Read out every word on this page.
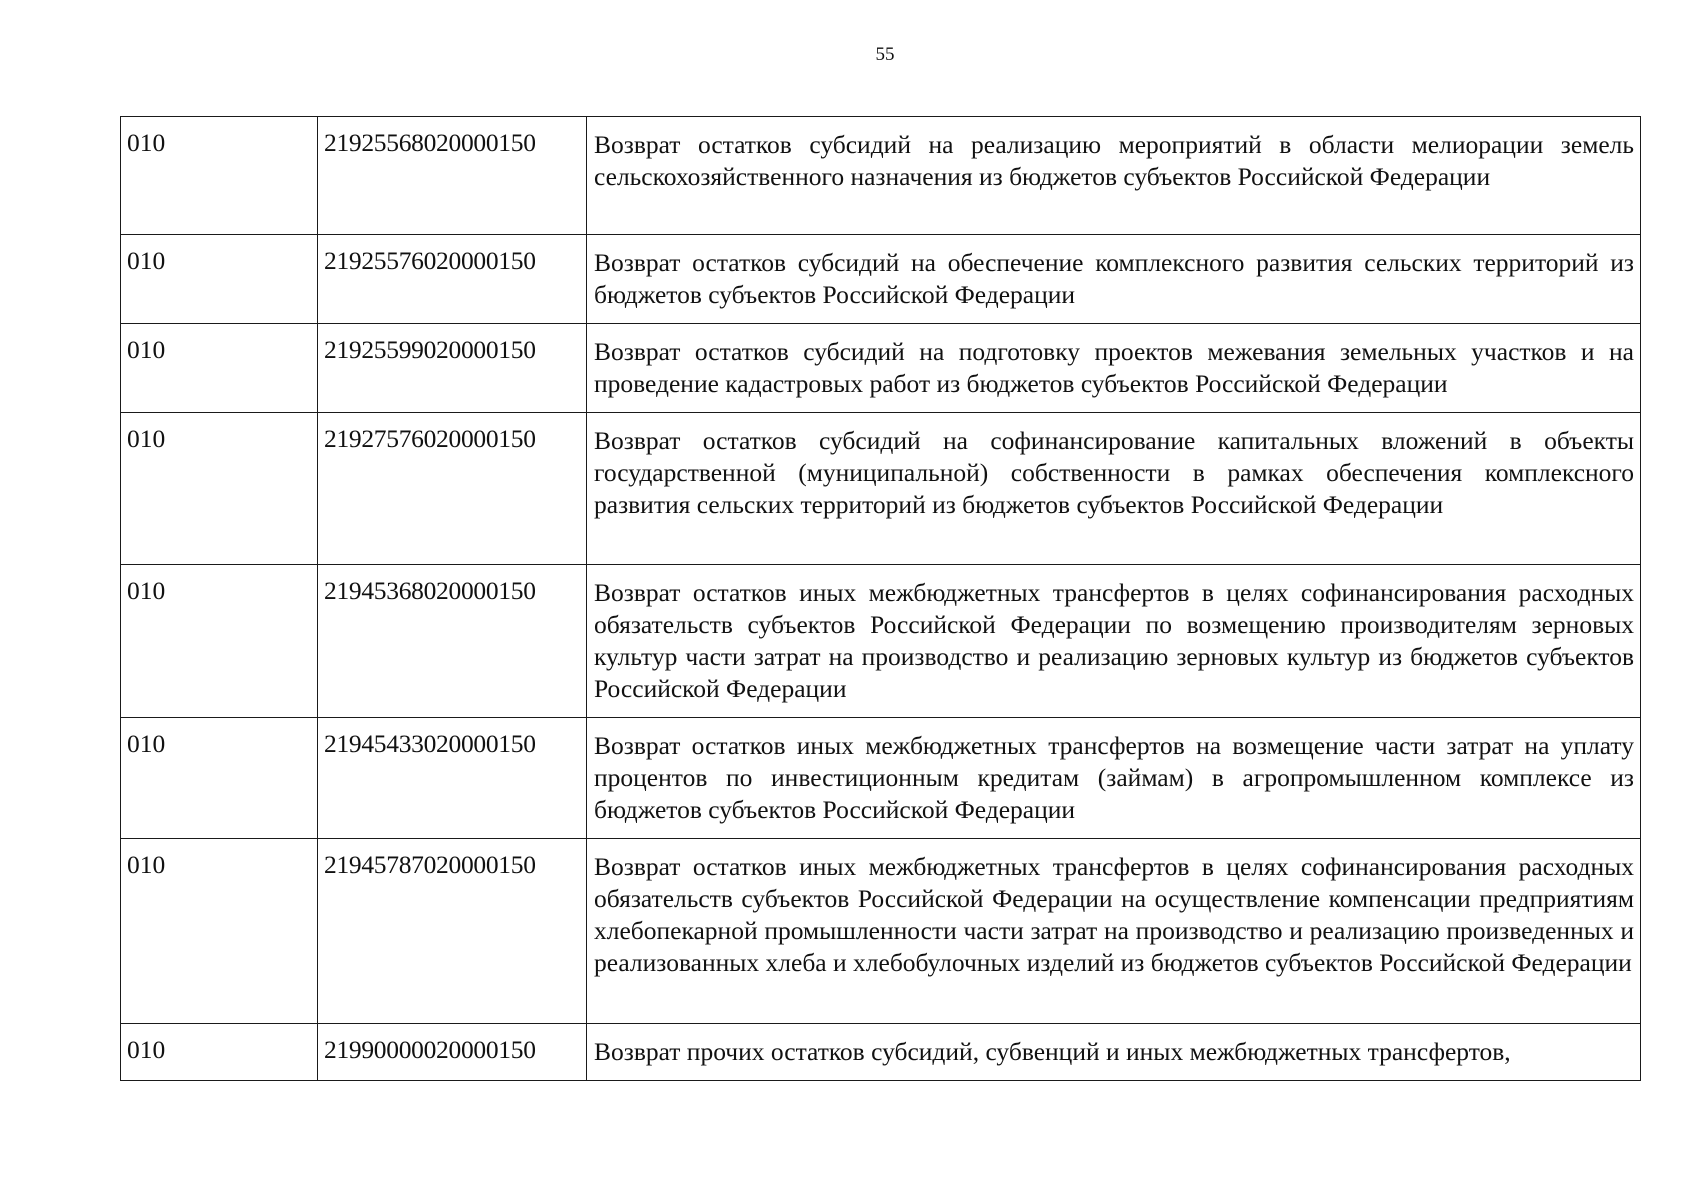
55
010	21925568020000150	Возврат остатков субсидий на реализацию мероприятий в области мелиорации земель сельскохозяйственного назначения из бюджетов субъектов Российской Федерации
010	21925576020000150	Возврат остатков субсидий на обеспечение комплексного развития сельских территорий из бюджетов субъектов Российской Федерации
010	21925599020000150	Возврат остатков субсидий на подготовку проектов межевания земельных участков и на проведение кадастровых работ из бюджетов субъектов Российской Федерации
010	21927576020000150	Возврат остатков субсидий на софинансирование капитальных вложений в объекты государственной (муниципальной) собственности в рамках обеспечения комплексного развития сельских территорий из бюджетов субъектов Российской Федерации
010	21945368020000150	Возврат остатков иных межбюджетных трансфертов в целях софинансирования расходных обязательств субъектов Российской Федерации по возмещению производителям зерновых культур части затрат на производство и реализацию зерновых культур из бюджетов субъектов Российской Федерации
010	21945433020000150	Возврат остатков иных межбюджетных трансфертов на возмещение части затрат на уплату процентов по инвестиционным кредитам (займам) в агропромышленном комплексе из бюджетов субъектов Российской Федерации
010	21945787020000150	Возврат остатков иных межбюджетных трансфертов в целях софинансирования расходных обязательств субъектов Российской Федерации на осуществление компенсации предприятиям хлебопекарной промышленности части затрат на производство и реализацию произведенных и реализованных хлеба и хлебобулочных изделий из бюджетов субъектов Российской Федерации
010	21990000020000150	Возврат прочих остатков субсидий, субвенций и иных межбюджетных трансфертов,
